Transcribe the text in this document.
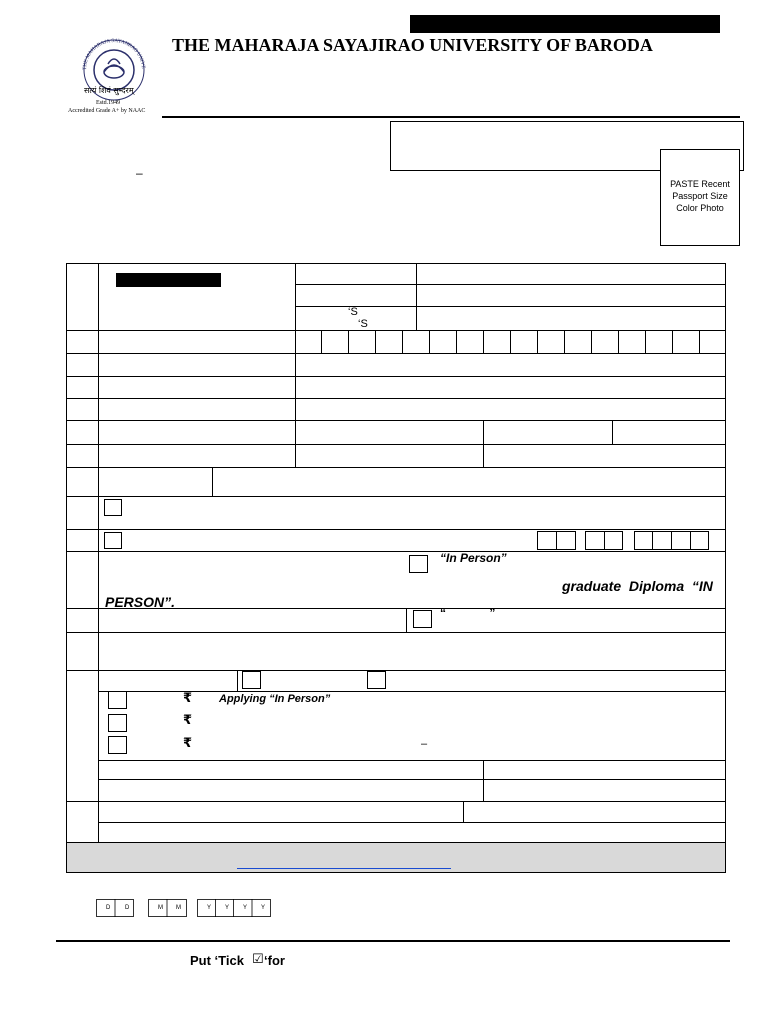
THE MAHARAJA SAYAJIRAO UNIVE
सत्यं शिवं सुन्दरम्
Estd.1949
Accredited Grade A+ by NAAC
THE MAHARAJA SAYAJIRAO UNIVERSITY OF BARODA
PASTE Recent
Passport Size
Color Photo
–
‘S
‘S
“In Person”
graduate  Diploma  “IN
PERSON”.
“             ”
₹ Applying “In Person”
₹
₹	–
D D	M M	Y Y Y Y
Put ‘Tick ☑ ‘for
